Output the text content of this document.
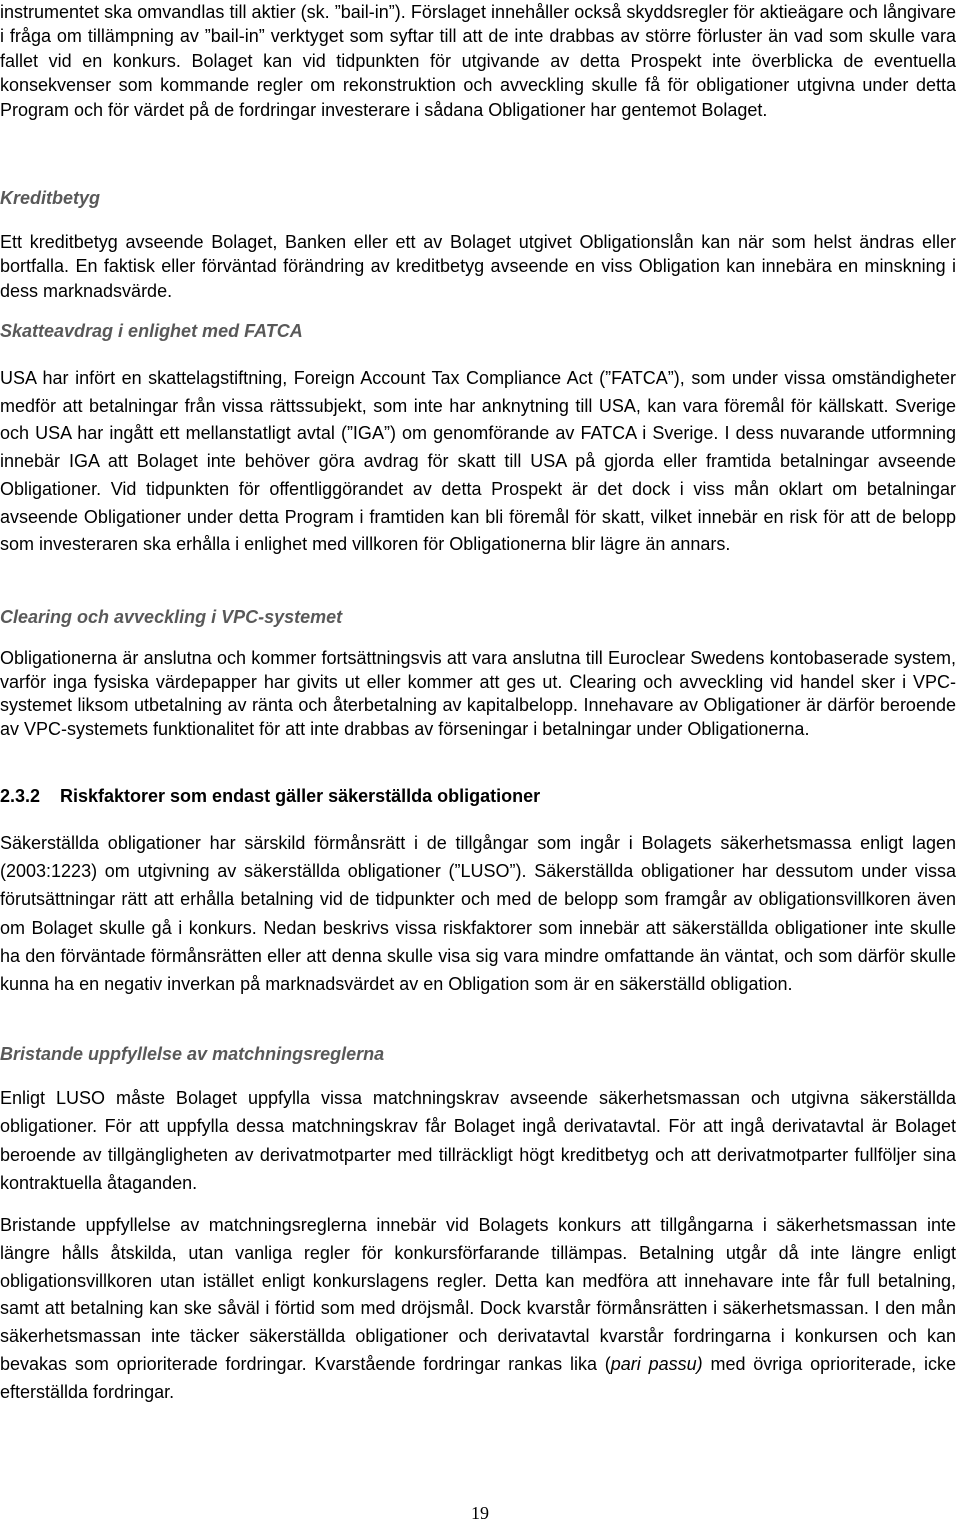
instrumentet ska omvandlas till aktier (sk. ”bail-in”). Förslaget innehåller också skyddsregler för aktieägare och långivare i fråga om tillämpning av ”bail-in” verktyget som syftar till att de inte drabbas av större förluster än vad som skulle vara fallet vid en konkurs. Bolaget kan vid tidpunkten för utgivande av detta Prospekt inte överblicka de eventuella konsekvenser som kommande regler om rekonstruktion och avveckling skulle få för obligationer utgivna under detta Program och för värdet på de fordringar investerare i sådana Obligationer har gentemot Bolaget.

Kreditbetyg

Ett kreditbetyg avseende Bolaget, Banken eller ett av Bolaget utgivet Obligationslån kan när som helst ändras eller bortfalla. En faktisk eller förväntad förändring av kreditbetyg avseende en viss Obligation kan innebära en minskning i dess marknadsvärde.

Skatteavdrag i enlighet med FATCA

USA har infört en skattelagstiftning, Foreign Account Tax Compliance Act (”FATCA”), som under vissa omständigheter medför att betalningar från vissa rättssubjekt, som inte har anknytning till USA, kan vara föremål för källskatt. Sverige och USA har ingått ett mellanstatligt avtal (”IGA”) om genomförande av FATCA i Sverige. I dess nuvarande utformning innebär IGA att Bolaget inte behöver göra avdrag för skatt till USA på gjorda eller framtida betalningar avseende Obligationer. Vid tidpunkten för offentliggörandet av detta Prospekt är det dock i viss mån oklart om betalningar avseende Obligationer under detta Program i framtiden kan bli föremål för skatt, vilket innebär en risk för att de belopp som investeraren ska erhålla i enlighet med villkoren för Obligationerna blir lägre än annars.

Clearing och avveckling i VPC-systemet

Obligationerna är anslutna och kommer fortsättningsvis att vara anslutna till Euroclear Swedens kontobaserade system, varför inga fysiska värdepapper har givits ut eller kommer att ges ut. Clearing och avveckling vid handel sker i VPC-systemet liksom utbetalning av ränta och återbetalning av kapitalbelopp. Innehavare av Obligationer är därför beroende av VPC-systemets funktionalitet för att inte drabbas av förseningar i betalningar under Obligationerna.

2.3.2 Riskfaktorer som endast gäller säkerställda obligationer

Säkerställda obligationer har särskild förmånsrätt i de tillgångar som ingår i Bolagets säkerhetsmassa enligt lagen (2003:1223) om utgivning av säkerställda obligationer (”LUSO”). Säkerställda obligationer har dessutom under vissa förutsättningar rätt att erhålla betalning vid de tidpunkter och med de belopp som framgår av obligationsvillkoren även om Bolaget skulle gå i konkurs. Nedan beskrivs vissa riskfaktorer som innebär att säkerställda obligationer inte skulle ha den förväntade förmånsrätten eller att denna skulle visa sig vara mindre omfattande än väntat, och som därför skulle kunna ha en negativ inverkan på marknadsvärdet av en Obligation som är en säkerställd obligation.

Bristande uppfyllelse av matchningsreglerna

Enligt LUSO måste Bolaget uppfylla vissa matchningskrav avseende säkerhetsmassan och utgivna säkerställda obligationer. För att uppfylla dessa matchningskrav får Bolaget ingå derivatavtal. För att ingå derivatavtal är Bolaget beroende av tillgängligheten av derivatmotparter med tillräckligt högt kreditbetyg och att derivatmotparter fullföljer sina kontraktuella åtaganden.

Bristande uppfyllelse av matchningsreglerna innebär vid Bolagets konkurs att tillgångarna i säkerhetsmassan inte längre hålls åtskilda, utan vanliga regler för konkursförfarande tillämpas. Betalning utgår då inte längre enligt obligationsvillkoren utan istället enligt konkurslagens regler. Detta kan medföra att innehavare inte får full betalning, samt att betalning kan ske såväl i förtid som med dröjsmål. Dock kvarstår förmånsrätten i säkerhetsmassan. I den mån säkerhetsmassan inte täcker säkerställda obligationer och derivatavtal kvarstår fordringarna i konkursen och kan bevakas som oprioriterade fordringar. Kvarstående fordringar rankas lika (pari passu) med övriga oprioriterade, icke efterställda fordringar.

19
